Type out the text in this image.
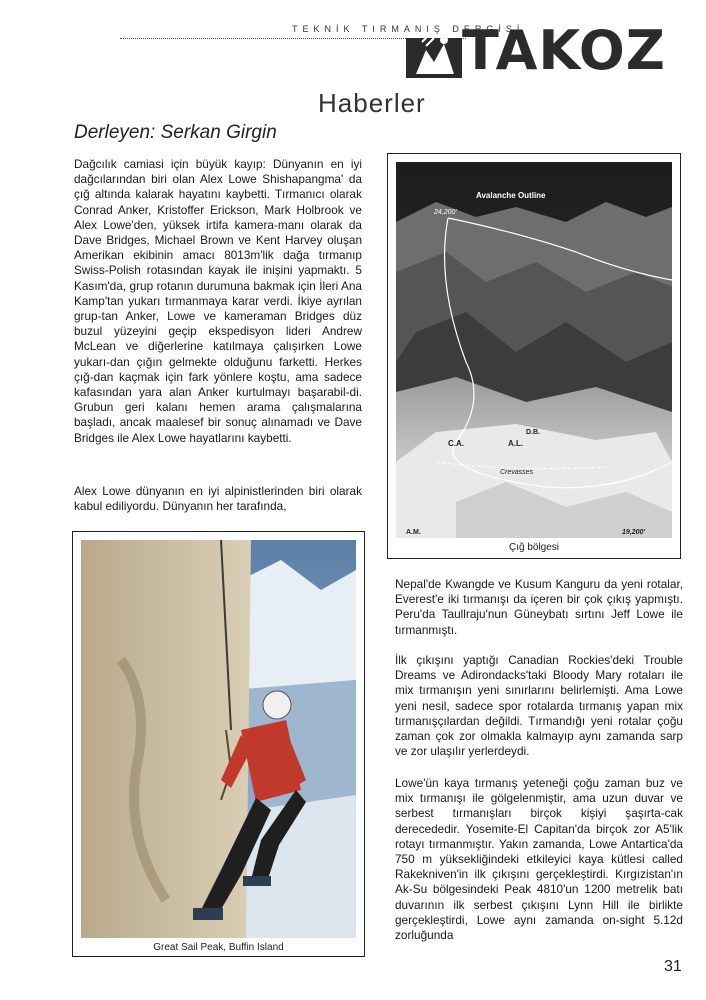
TEKNİK TIRMANIŞ DERGİSİ
TAKOZ
Haberler
Derleyen: Serkan Girgin

Dağcılık camiasi için büyük kayıp: Dünyanın en iyi dağcılarından biri olan Alex Lowe Shishapangma' da çığ altında kalarak hayatını kaybetti. Tırmanıcı olarak Conrad Anker, Kristoffer Erickson, Mark Holbrook ve Alex Lowe'den, yüksek irtifa kamera-manı olarak da Dave Bridges, Michael Brown ve Kent Harvey oluşan Amerikan ekibinin amacı 8013m'lik dağa tırmanıp Swiss-Polish rotasından kayak ile inişini yapmaktı. 5 Kasım'da, grup rotanın durumuna bakmak için İleri Ana Kamp'tan yukarı tırmanmaya karar verdi. İkiye ayrılan grup-tan Anker, Lowe ve kameraman Bridges düz buzul yüzeyini geçip ekspedisyon lideri Andrew McLean ve diğerlerine katılmaya çalışırken Lowe yukarı-dan çığın gelmekte olduğunu farketti. Herkes çığ-dan kaçmak için fark yönlere koştu, ama sadece kafasından yara alan Anker kurtulmayı başarabil-di. Grubun geri kalanı hemen arama çalışmalarına başladı, ancak maalesef bir sonuç alınamadı ve Dave Bridges ile Alex Lowe hayatlarını kaybetti.

Alex Lowe dünyanın en iyi alpinistlerinden biri olarak kabul ediliyordu. Dünyanın her tarafında,

Nepal'de Kwangde ve Kusum Kanguru da yeni rotalar, Everest'e iki tırmanışı da içeren bir çok çıkış yapmıştı. Peru'da Taullraju'nun Güneybatı sırtını Jeff Lowe ile tırmanmıştı.

İlk çıkışını yaptığı Canadian Rockies'deki Trouble Dreams ve Adirondacks'taki Bloody Mary rotaları ile mix tırmanışın yeni sınırlarını belirlemişti. Ama Lowe yeni nesil, sadece spor rotalarda tırmanış yapan mix tırmanışçılardan değildi. Tırmandığı yeni rotalar çoğu zaman çok zor olmakla kalmayıp aynı zamanda sarp ve zor ulaşılır yerlerdeydi.

Lowe'ün kaya tırmanış yeteneği çoğu zaman buz ve mix tırmanışı ile gölgelenmiştir, ama uzun duvar ve serbest tırmanışları birçok kişiyi şaşırta-cak derecededir. Yosemite-El Capitan'da birçok zor A5'lik rotayı tırmanmıştır. Yakın zamanda, Lowe Antartica'da 750 m yüksekliğindeki etkileyici kaya kütlesi called Rakekniven'in ilk çıkışını gerçekleştirdi. Kırgızistan'ın Ak-Su bölgesindeki Peak 4810'un 1200 metrelik batı duvarının ilk serbest çıkışını Lynn Hill ile birlikte gerçekleştirdi, Lowe aynı zamanda on-sight 5.12d zorluğunda

Avalanche Outline
24,200'
C.A.	A.L.
D.B.
Crevasses
A.M.	19,200'
Çığ bölgesi
Great Sail Peak, Buffin Island
31
